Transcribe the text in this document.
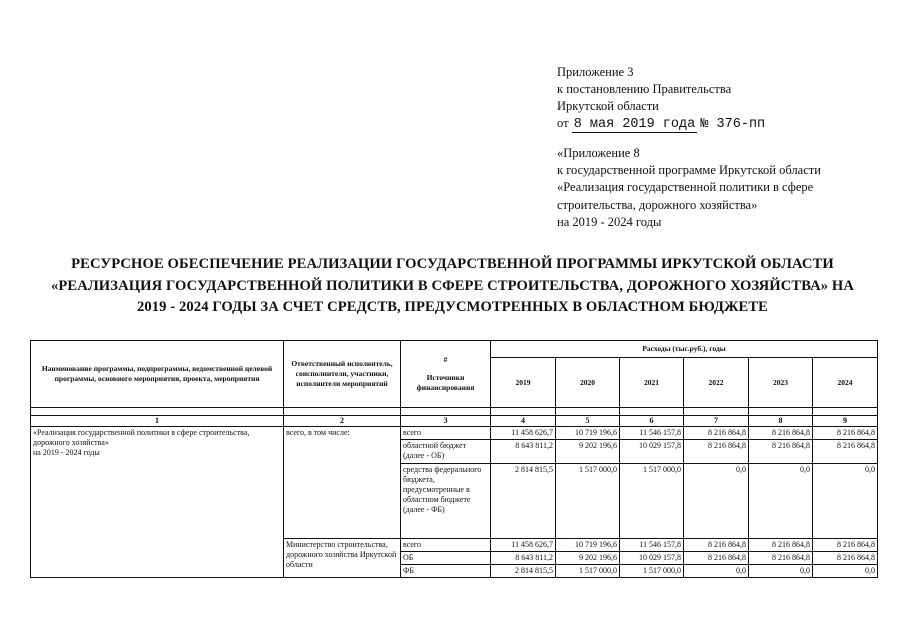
Приложение 3
к постановлению Правительства
Иркутской области
от 8 мая 2019 года № 376-пп
«Приложение 8
к государственной программе Иркутской области
«Реализация государственной политики в сфере
строительства, дорожного хозяйства»
на 2019 - 2024 годы
РЕСУРСНОЕ ОБЕСПЕЧЕНИЕ РЕАЛИЗАЦИИ ГОСУДАРСТВЕННОЙ ПРОГРАММЫ ИРКУТСКОЙ ОБЛАСТИ
«РЕАЛИЗАЦИЯ ГОСУДАРСТВЕННОЙ ПОЛИТИКИ В СФЕРЕ СТРОИТЕЛЬСТВА, ДОРОЖНОГО ХОЗЯЙСТВА» НА
2019 - 2024 ГОДЫ ЗА СЧЕТ СРЕДСТВ, ПРЕДУСМОТРЕННЫХ В ОБЛАСТНОМ БЮДЖЕТЕ
Наименование программы, подпрограммы, ведомственной целевой программы, основного мероприятия, проекта, мероприятия	Ответственный исполнитель, соисполнители, участники, исполнители мероприятий	#
Источники финансирования	Расходы (тыс.руб.), годы					
			2019	2020	2021	2022	2023	2024

1	2	3	4	5	6	7	8	9

«Реализация государственной политики в сфере строительства,
дорожного хозяйства»
на 2019 - 2024 годы	всего, в том числе:	всего	11 458 626,7	10 719 196,6	11 546 157,8	8 216 864,8	8 216 864,8	8 216 864,8
		областной бюджет (далее - ОБ)	8 643 811,2	9 202 196,6	10 029 157,8	8 216 864,8	8 216 864,8	8 216 864,8
		средства федерального бюджета, предусмотренные в областном бюджете (далее - ФБ)	2 814 815,5	1 517 000,0	1 517 000,0	0,0	0,0	0,0
	Министерство строительства, дорожного хозяйства Иркутской области	всего	11 458 626,7	10 719 196,6	11 546 157,8	8 216 864,8	8 216 864,8	8 216 864,8
		ОБ	8 643 811,2	9 202 196,6	10 029 157,8	8 216 864,8	8 216 864,8	8 216 864,8
		ФБ	2 814 815,5	1 517 000,0	1 517 000,0	0,0	0,0	0,0
